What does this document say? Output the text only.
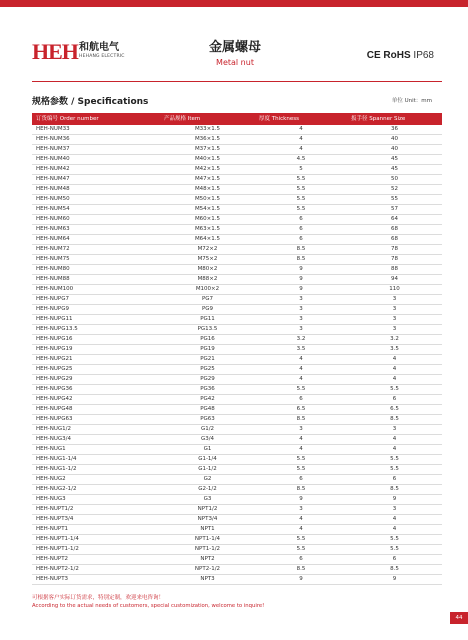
HEH 和航电气
HEHANG ELECTRIC
金属螺母
Metal nut
CE RoHS IP68
规格参数 / Specifications	单位 Unit：mm
订货编号 Order number	产品规格 Item	厚度 Thickness	扳手径 Spanner Size
HEH-NUM33	M33×1.5	4	36
HEH-NUM36	M36×1.5	4	40
HEH-NUM37	M37×1.5	4	40
HEH-NUM40	M40×1.5	4.5	45
HEH-NUM42	M42×1.5	5	45
HEH-NUM47	M47×1.5	5.5	50
HEH-NUM48	M48×1.5	5.5	52
HEH-NUM50	M50×1.5	5.5	55
HEH-NUM54	M54×1.5	5.5	57
HEH-NUM60	M60×1.5	6	64
HEH-NUM63	M63×1.5	6	68
HEH-NUM64	M64×1.5	6	68
HEH-NUM72	M72×2	8.5	78
HEH-NUM75	M75×2	8.5	78
HEH-NUM80	M80×2	9	88
HEH-NUM88	M88×2	9	94
HEH-NUM100	M100×2	9	110
HEH-NUPG7	PG7	3	3
HEH-NUPG9	PG9	3	3
HEH-NUPG11	PG11	3	3
HEH-NUPG13.5	PG13.5	3	3
HEH-NUPG16	PG16	3.2	3.2
HEH-NUPG19	PG19	3.5	3.5
HEH-NUPG21	PG21	4	4
HEH-NUPG25	PG25	4	4
HEH-NUPG29	PG29	4	4
HEH-NUPG36	PG36	5.5	5.5
HEH-NUPG42	PG42	6	6
HEH-NUPG48	PG48	6.5	6.5
HEH-NUPG63	PG63	8.5	8.5
HEH-NUG1/2	G1/2	3	3
HEH-NUG3/4	G3/4	4	4
HEH-NUG1	G1	4	4
HEH-NUG1-1/4	G1-1/4	5.5	5.5
HEH-NUG1-1/2	G1-1/2	5.5	5.5
HEH-NUG2	G2	6	6
HEH-NUG2-1/2	G2-1/2	8.5	8.5
HEH-NUG3	G3	9	9
HEH-NUPT1/2	NPT1/2	3	3
HEH-NUPT3/4	NPT3/4	4	4
HEH-NUPT1	NPT1	4	4
HEH-NUPT1-1/4	NPT1-1/4	5.5	5.5
HEH-NUPT1-1/2	NPT1-1/2	5.5	5.5
HEH-NUPT2	NPT2	6	6
HEH-NUPT2-1/2	NPT2-1/2	8.5	8.5
HEH-NUPT3	NPT3	9	9
可根据客户实际订货需求，特别定制，欢迎来电咨询！
According to the actual needs of customers, special customization, welcome to inquire!
44
